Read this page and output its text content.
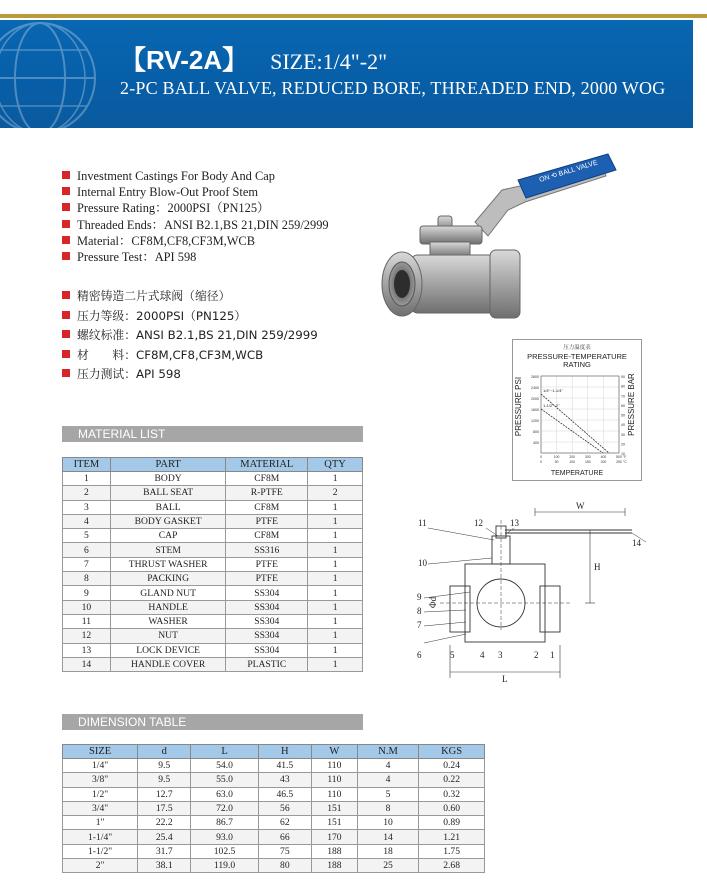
【RV-2A】 SIZE:1/4"-2"
2-PC BALL VALVE, REDUCED BORE, THREADED END, 2000 WOG
Investment Castings For Body And Cap
Internal Entry Blow-Out Proof Stem
Pressure Rating：2000PSI（PN125）
Threaded Ends：ANSI B2.1,BS 21,DIN 259/2999
Material：CF8M,CF8,CF3M,WCB
Pressure Test：API 598
精密铸造二片式球阀（缩径）
压力等级：2000PSI（PN125）
螺纹标准：ANSI B2.1,BS 21,DIN 259/2999
材　　料：CF8M,CF8,CF3M,WCB
压力测试：API 598
ON ⟲ BALL VALVE
压力温度表
PRESSURE-TEMPERATURE RATING
PRESSURE PSI	PRESSURE BAR
TEMPERATURE
2800
2400
2000
1600
1200
800
400
90
80
70
60
50
40
30
20
10
0	100	200	300	400	500
0	50	100	150	200	250
°F
°C
1/4"~1-1/4"
1-1/2"~2"
11	12	13
10
9
8
7
6	5	4 3	2 1
14
W
H
L
Φd
MATERIAL LIST
ITEM	PART	MATERIAL	QTY
1	BODY	CF8M	1
2	BALL SEAT	R-PTFE	2
3	BALL	CF8M	1
4	BODY GASKET	PTFE	1
5	CAP	CF8M	1
6	STEM	SS316	1
7	THRUST WASHER	PTFE	1
8	PACKING	PTFE	1
9	GLAND NUT	SS304	1
10	HANDLE	SS304	1
11	WASHER	SS304	1
12	NUT	SS304	1
13	LOCK DEVICE	SS304	1
14	HANDLE COVER	PLASTIC	1
DIMENSION TABLE
SIZE	d	L	H	W	N.M	KGS
1/4"	9.5	54.0	41.5	110	4	0.24
3/8"	9.5	55.0	43	110	4	0.22
1/2"	12.7	63.0	46.5	110	5	0.32
3/4"	17.5	72.0	56	151	8	0.60
1"	22.2	86.7	62	151	10	0.89
1-1/4"	25.4	93.0	66	170	14	1.21
1-1/2"	31.7	102.5	75	188	18	1.75
2"	38.1	119.0	80	188	25	2.68
